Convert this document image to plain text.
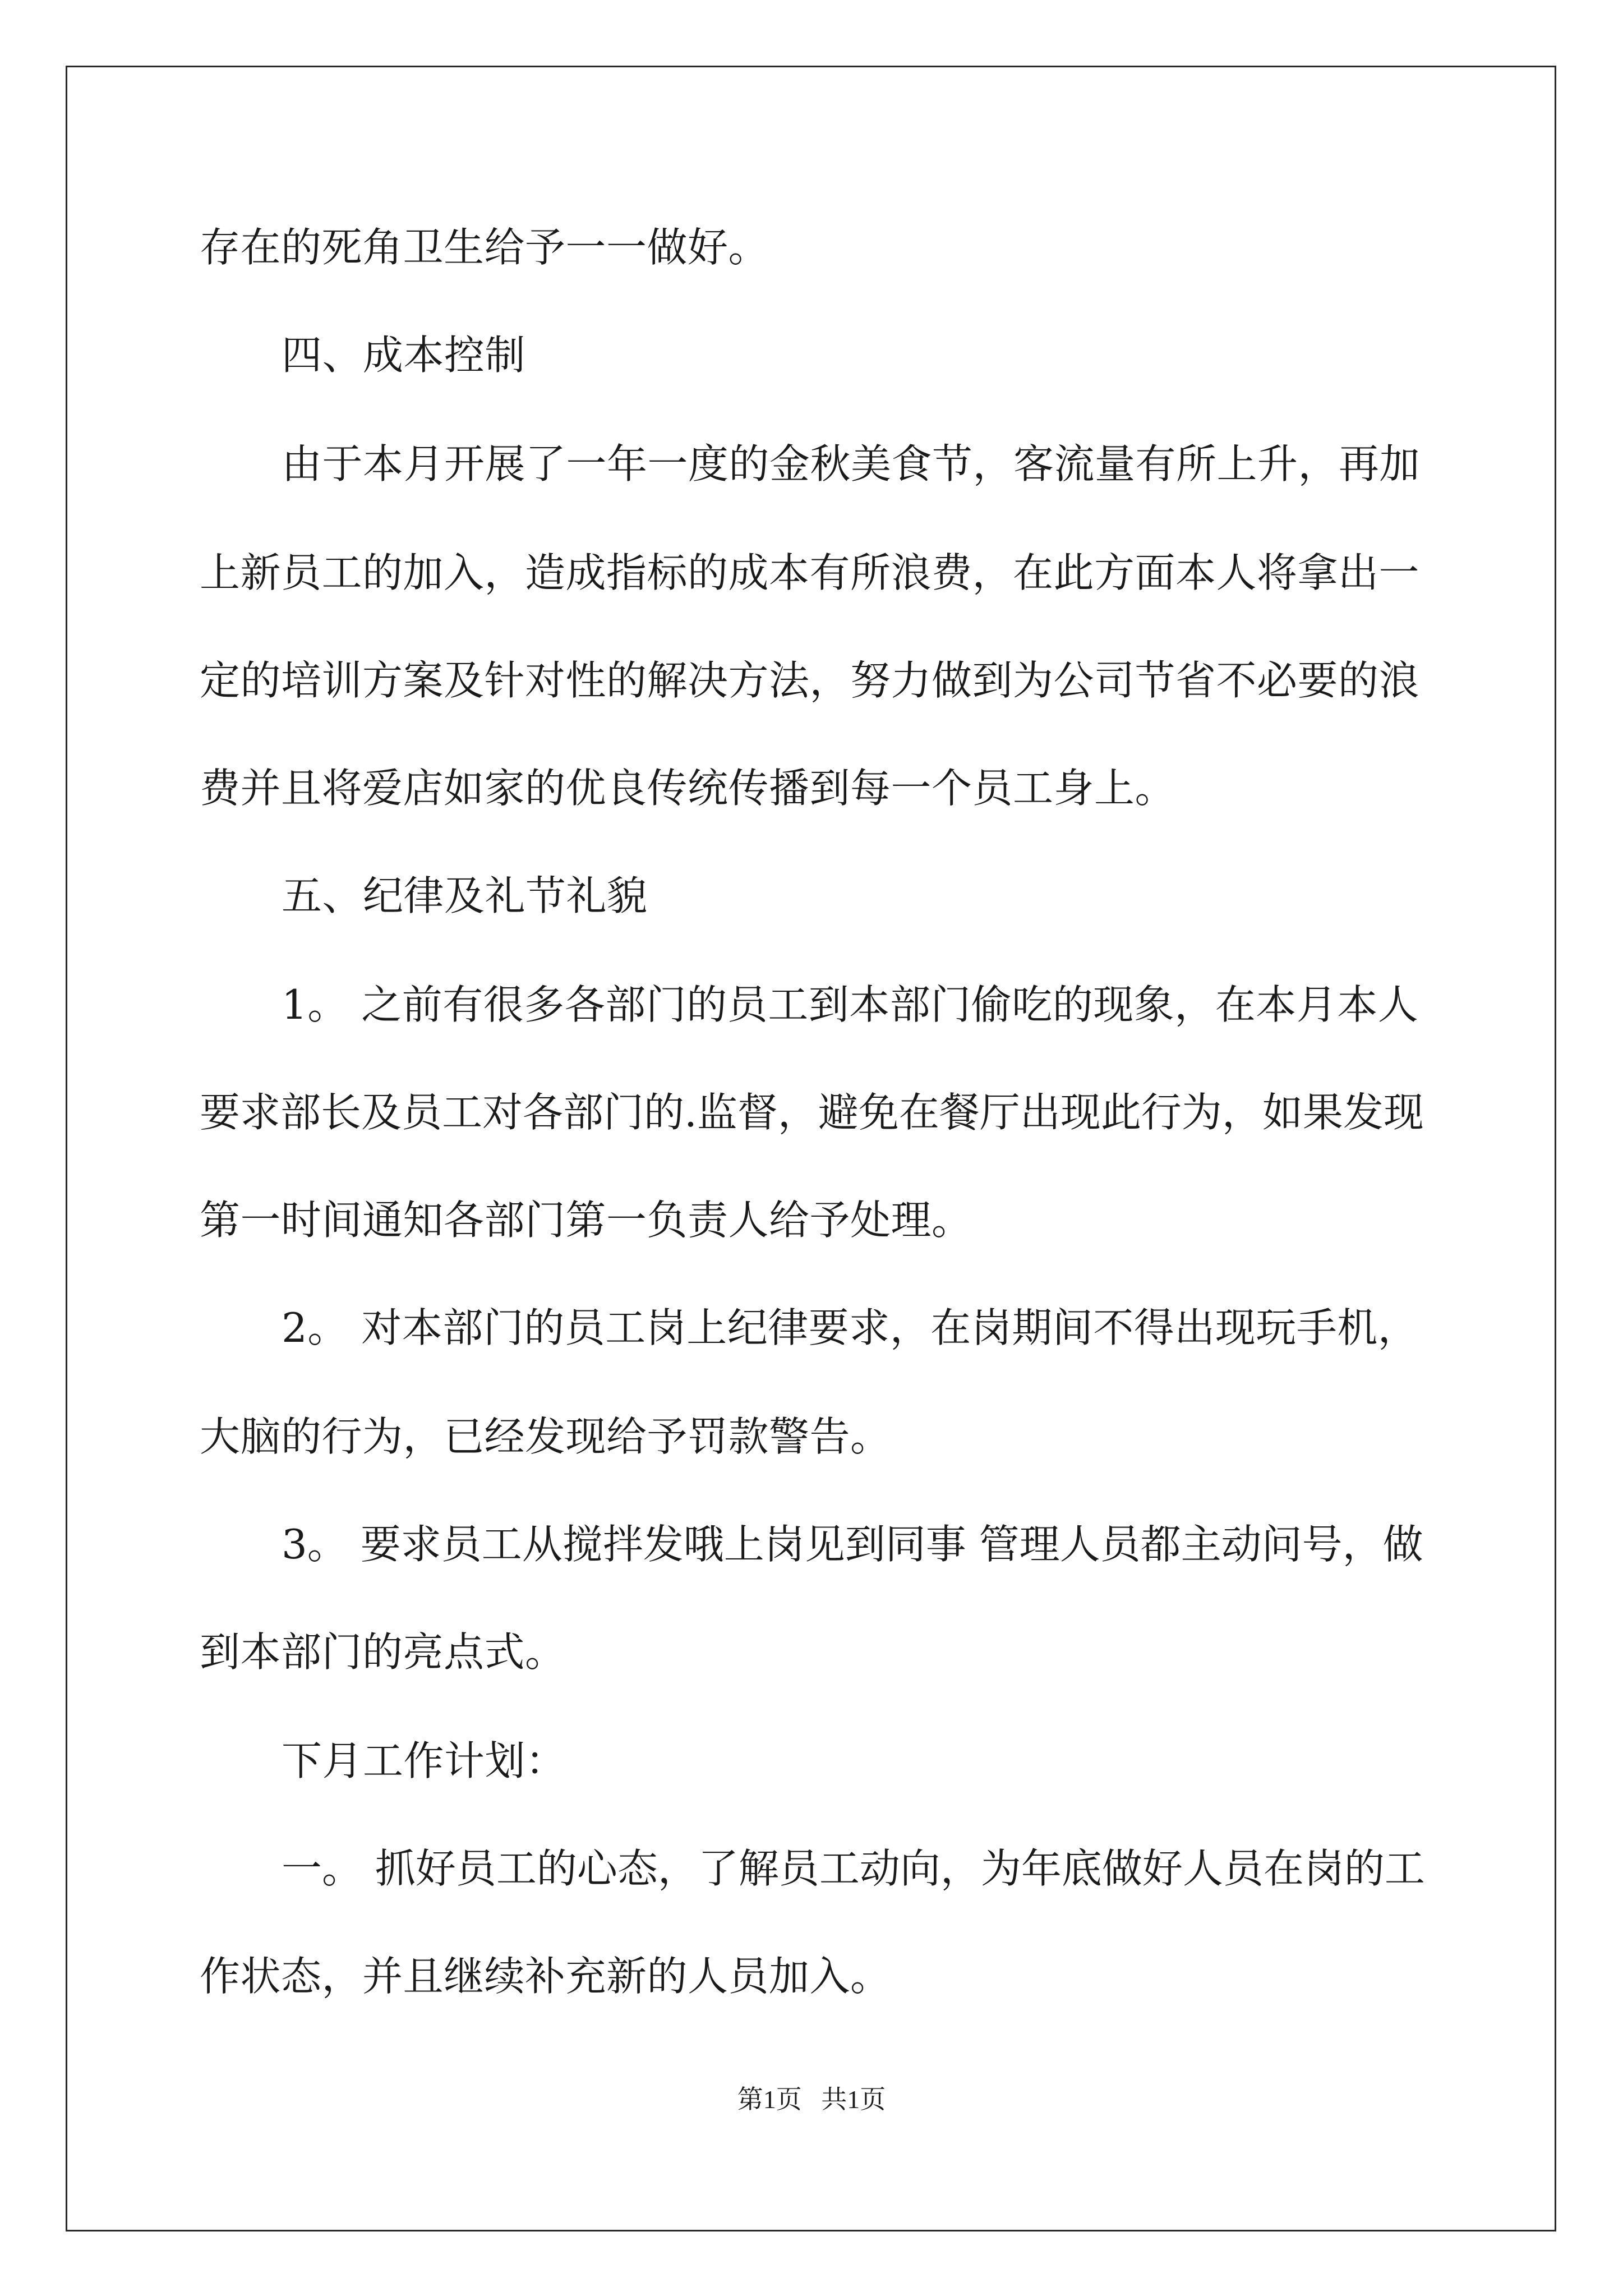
存在的死角卫生给予一一做好。

四、成本控制

由于本月开展了一年一度的金秋美食节，客流量有所上升，再加

上新员工的加入，造成指标的成本有所浪费，在此方面本人将拿出一

定的培训方案及针对性的解决方法，努力做到为公司节省不必要的浪

费并且将爱店如家的优良传统传播到每一个员工身上。

五、纪律及礼节礼貌

1。 之前有很多各部门的员工到本部门偷吃的现象，在本月本人

要求部长及员工对各部门的.监督，避免在餐厅出现此行为，如果发现

第一时间通知各部门第一负责人给予处理。

2。 对本部门的员工岗上纪律要求，在岗期间不得出现玩手机，

大脑的行为，已经发现给予罚款警告。

3。 要求员工从搅拌发哦上岗见到同事 管理人员都主动问号，做

到本部门的亮点式。

下月工作计划：

一。 抓好员工的心态，了解员工动向，为年底做好人员在岗的工

作状态，并且继续补充新的人员加入。

第1页   共1页
